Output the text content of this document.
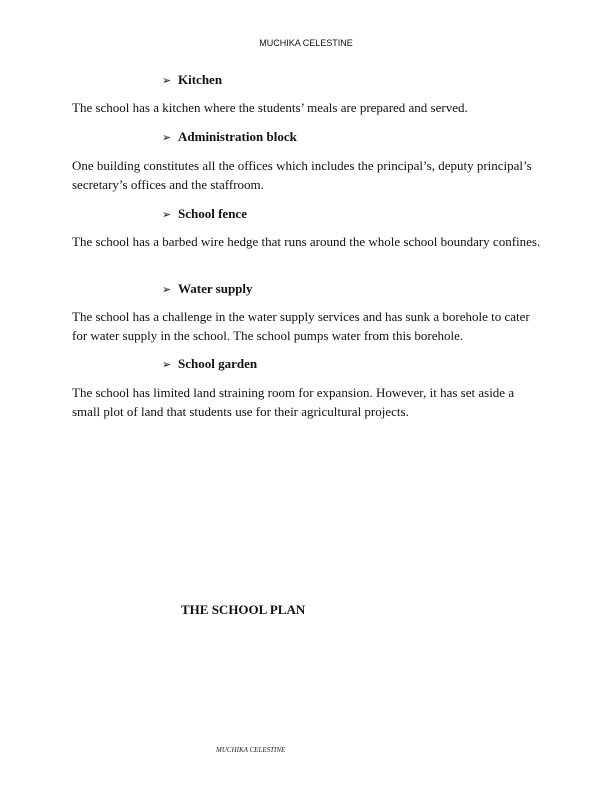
MUCHIKA CELESTINE
➢ Kitchen
The school has a kitchen where the students’ meals are prepared and served.
➢ Administration block
One building constitutes all the offices which includes the principal’s, deputy principal’s secretary’s offices and the staffroom.
➢ School fence
The school has a barbed wire hedge that runs around the whole school boundary confines.
➢ Water supply
The school has a challenge in the water supply services and has sunk a borehole to cater for water supply in the school. The school pumps water from this borehole.
➢ School garden
The school has limited land straining room for expansion. However, it has set aside a small plot of land that students use for their agricultural projects.
THE SCHOOL PLAN
MUCHIKA CELESTINE
